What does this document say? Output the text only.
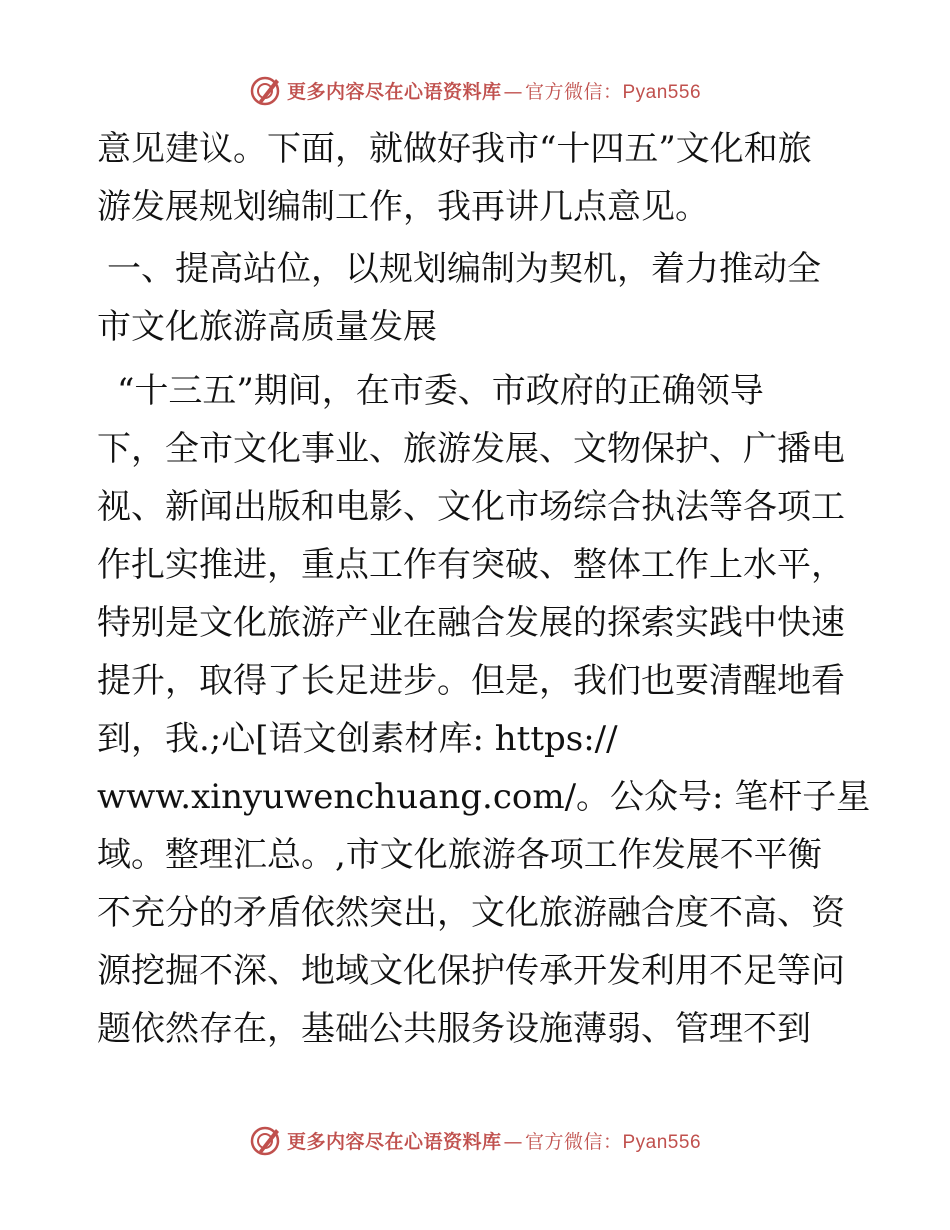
更多内容尽在心语资料库 — 官方微信：Pyan556

意见建议。下面，就做好我市“十四五”文化和旅
游发展规划编制工作，我再讲几点意见。

一、提高站位，以规划编制为契机，着力推动全
市文化旅游高质量发展

“十三五”期间，在市委、市政府的正确领导
下，全市文化事业、旅游发展、文物保护、广播电
视、新闻出版和电影、文化市场综合执法等各项工
作扎实推进，重点工作有突破、整体工作上水平，
特别是文化旅游产业在融合发展的探索实践中快速
提升，取得了长足进步。但是，我们也要清醒地看
到，我.;心[语文创素材库: https://
www.xinyuwenchuang.com/。公众号: 笔杆子星
域。整理汇总。,市文化旅游各项工作发展不平衡
不充分的矛盾依然突出，文化旅游融合度不高、资
源挖掘不深、地域文化保护传承开发利用不足等问
题依然存在，基础公共服务设施薄弱、管理不到

更多内容尽在心语资料库 — 官方微信：Pyan556
